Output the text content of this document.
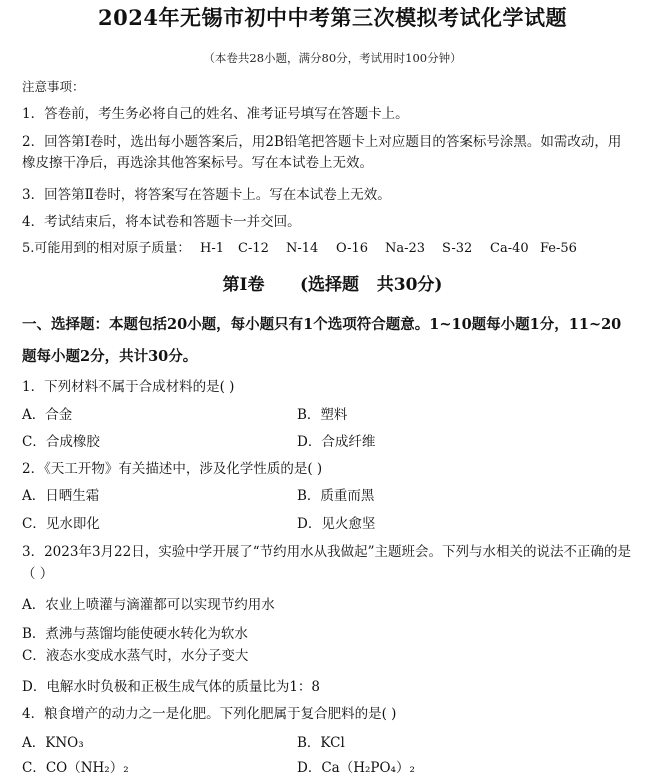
2024年无锡市初中中考第三次模拟考试化学试题
（本卷共28小题，满分80分，考试用时100分钟）
注意事项：
1．答卷前，考生务必将自己的姓名、准考证号填写在答题卡上。
2．回答第Ⅰ卷时，选出每小题答案后，用2B铅笔把答题卡上对应题目的答案标号涂黑。如需改动，用
橡皮擦干净后，再选涂其他答案标号。写在本试卷上无效。
3．回答第Ⅱ卷时，将答案写在答题卡上。写在本试卷上无效。
4．考试结束后，将本试卷和答题卡一并交回。
5.可能用到的相对原子质量： H-1 C-12 N-14 O-16 Na-23 S-32 Ca-40 Fe-56
第Ⅰ卷      (选择题   共30分)
一、选择题：本题包括20小题，每小题只有1个选项符合题意。1~10题每小题1分，11~20
题每小题2分，共计30分。
1．下列材料不属于合成材料的是( )
A．合金	B．塑料
C．合成橡胶	D．合成纤维
2．《天工开物》有关描述中，涉及化学性质的是( )
A．日晒生霜	B．质重而黑
C．见水即化	D．见火愈坚
3．2023年3月22日，实验中学开展了“节约用水从我做起”主题班会。下列与水相关的说法不正确的是
（ ）
A．农业上喷灌与滴灌都可以实现节约用水
B．煮沸与蒸馏均能使硬水转化为软水
C．液态水变成水蒸气时，水分子变大
D．电解水时负极和正极生成气体的质量比为1：8
4．粮食增产的动力之一是化肥。下列化肥属于复合肥料的是( )
A．KNO₃	B．KCl
C．CO（NH₂）₂	D．Ca（H₂PO₄）₂
